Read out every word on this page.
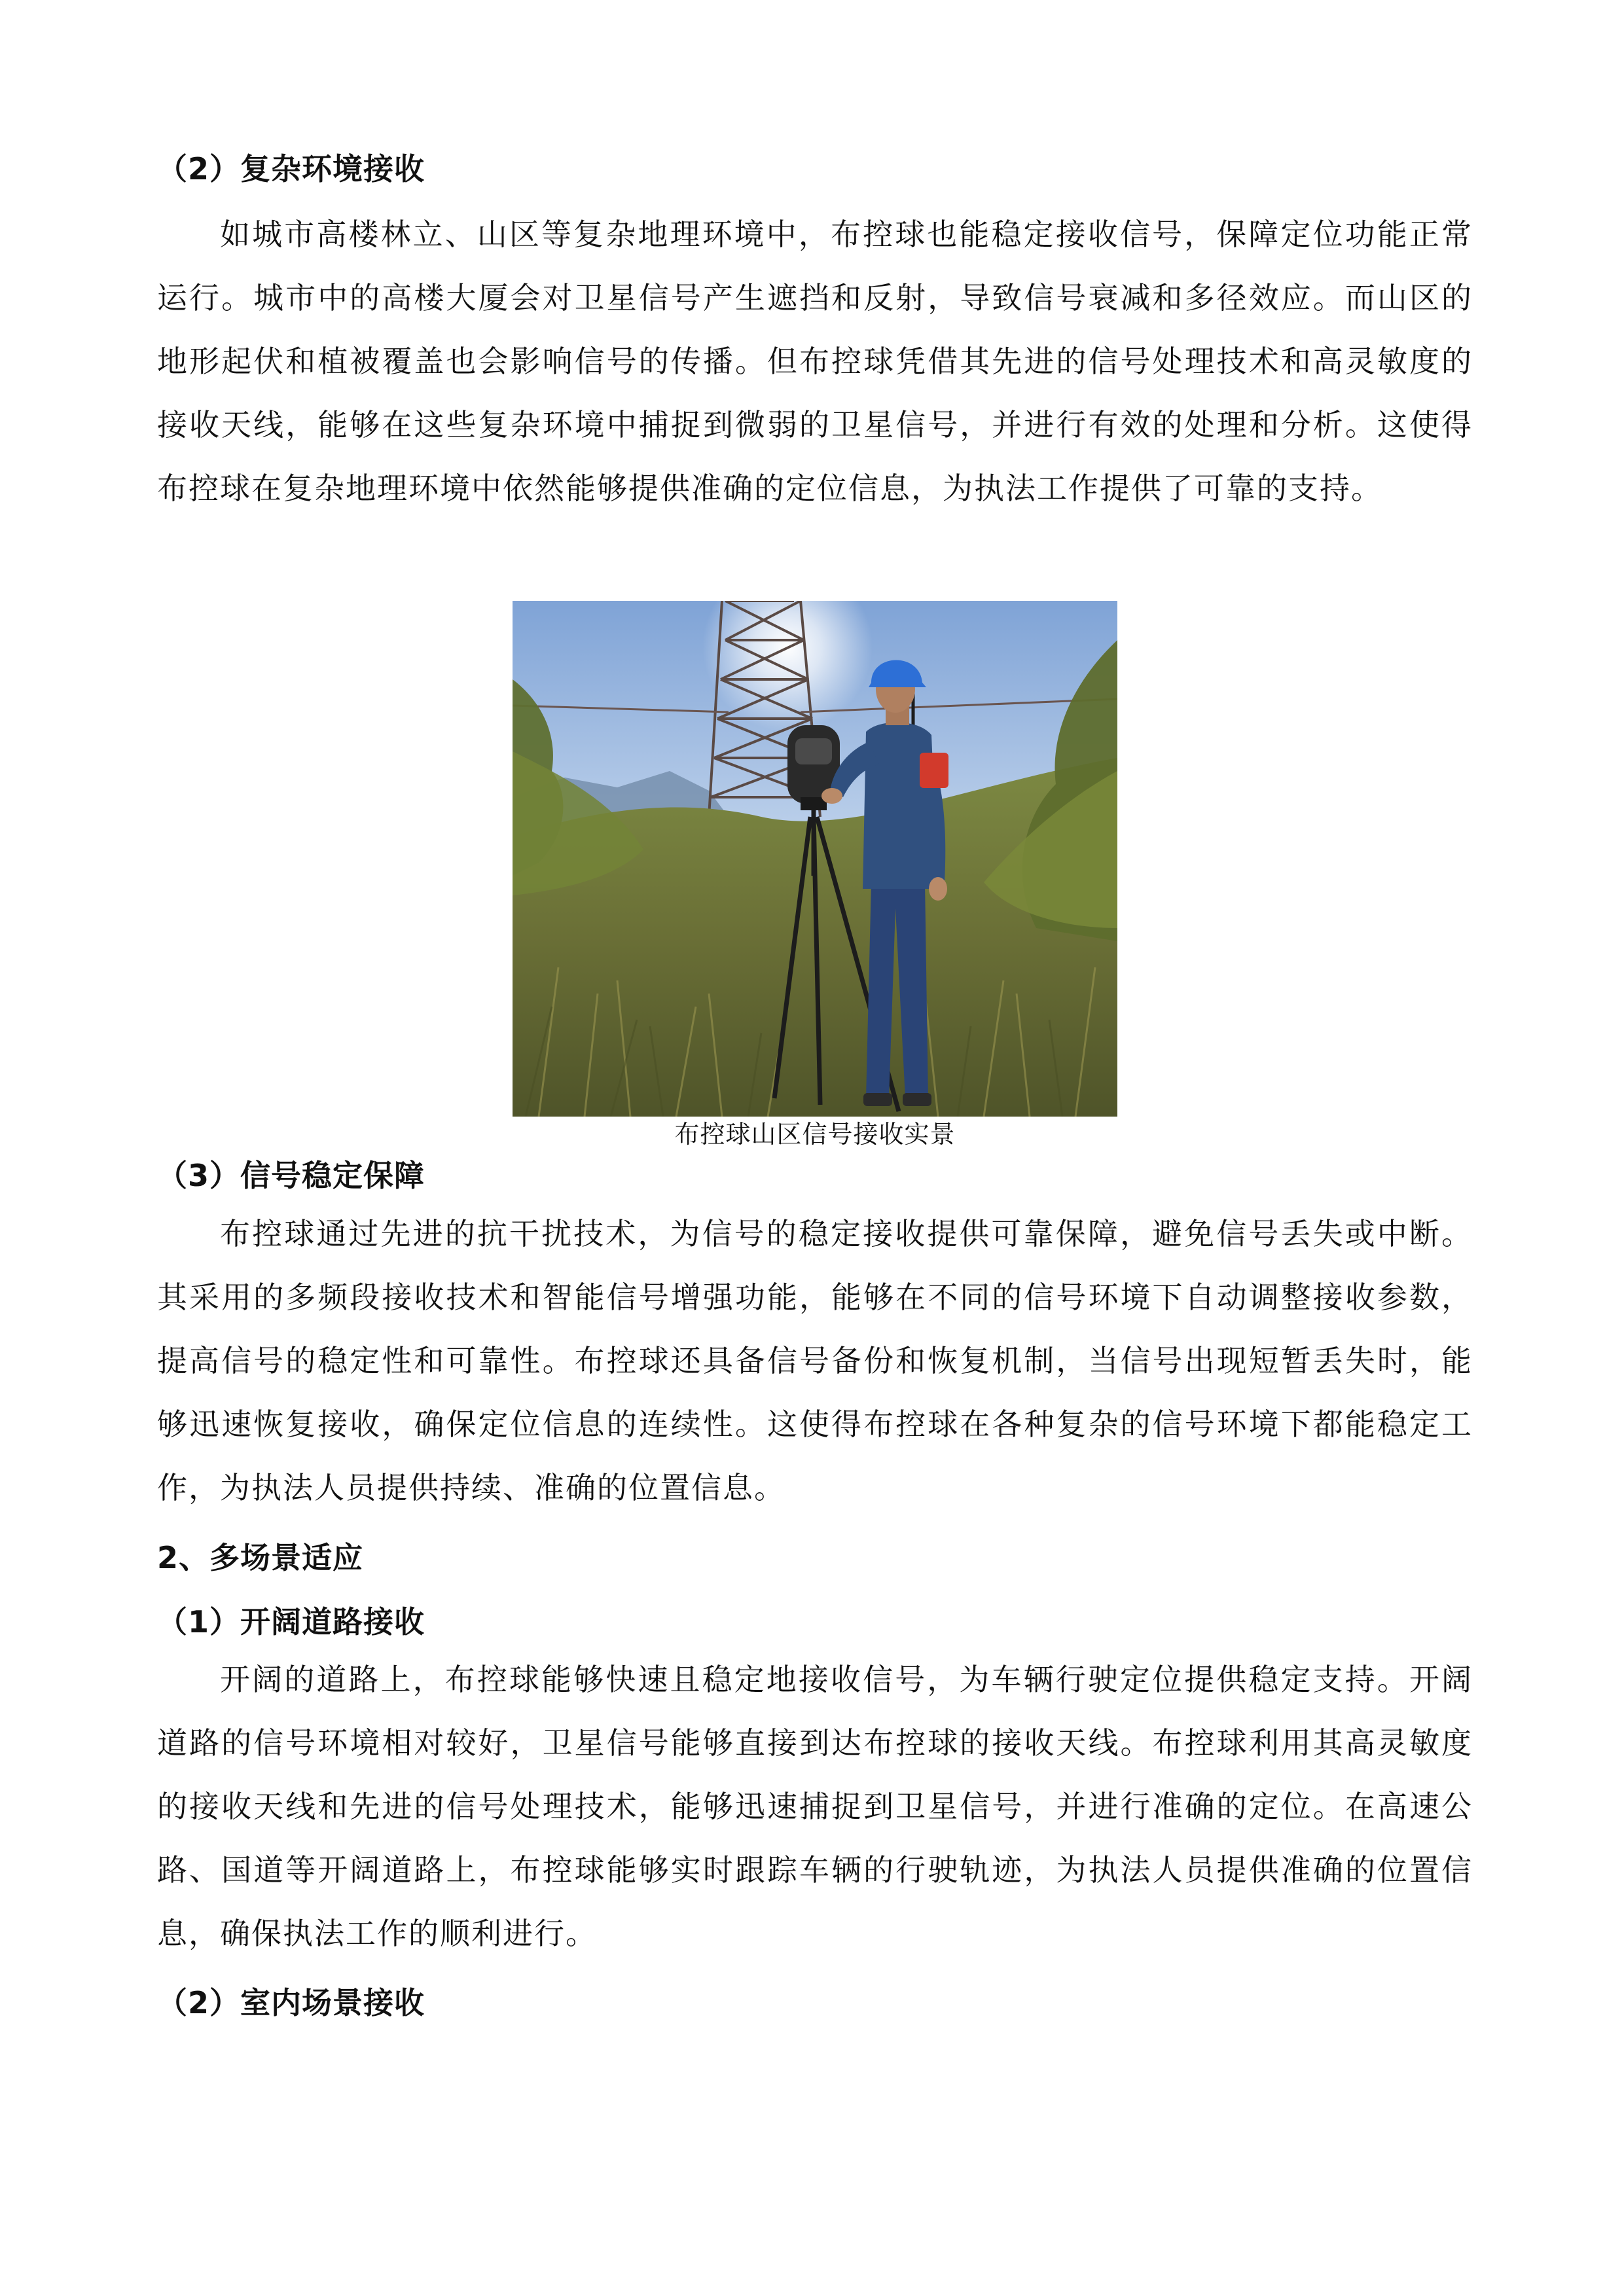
（2）复杂环境接收
如城市高楼林立、山区等复杂地理环境中，布控球也能稳定接收信号，保障定位功能正常运行。城市中的高楼大厦会对卫星信号产生遮挡和反射，导致信号衰减和多径效应。而山区的地形起伏和植被覆盖也会影响信号的传播。但布控球凭借其先进的信号处理技术和高灵敏度的接收天线，能够在这些复杂环境中捕捉到微弱的卫星信号，并进行有效的处理和分析。这使得布控球在复杂地理环境中依然能够提供准确的定位信息，为执法工作提供了可靠的支持。
布控球山区信号接收实景
（3）信号稳定保障
布控球通过先进的抗干扰技术，为信号的稳定接收提供可靠保障，避免信号丢失或中断。其采用的多频段接收技术和智能信号增强功能，能够在不同的信号环境下自动调整接收参数，提高信号的稳定性和可靠性。布控球还具备信号备份和恢复机制，当信号出现短暂丢失时，能够迅速恢复接收，确保定位信息的连续性。这使得布控球在各种复杂的信号环境下都能稳定工作，为执法人员提供持续、准确的位置信息。
2、多场景适应
（1）开阔道路接收
开阔的道路上，布控球能够快速且稳定地接收信号，为车辆行驶定位提供稳定支持。开阔道路的信号环境相对较好，卫星信号能够直接到达布控球的接收天线。布控球利用其高灵敏度的接收天线和先进的信号处理技术，能够迅速捕捉到卫星信号，并进行准确的定位。在高速公路、国道等开阔道路上，布控球能够实时跟踪车辆的行驶轨迹，为执法人员提供准确的位置信息，确保执法工作的顺利进行。
（2）室内场景接收
